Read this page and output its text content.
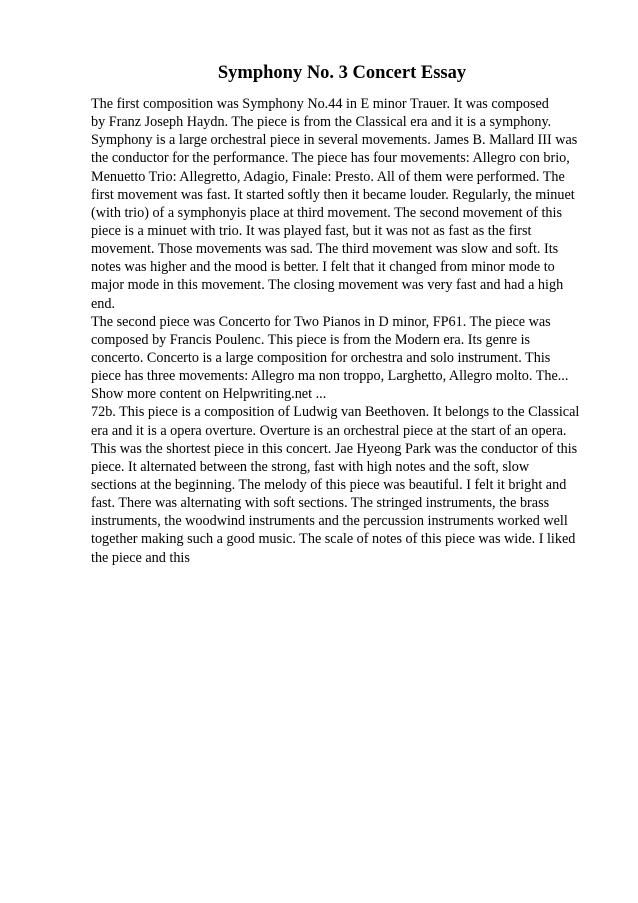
Symphony No. 3 Concert Essay
The first composition was Symphony No.44 in E minor Trauer. It was composed
by Franz Joseph Haydn. The piece is from the Classical era and it is a symphony.
Symphony is a large orchestral piece in several movements. James B. Mallard III was
the conductor for the performance. The piece has four movements: Allegro con brio,
Menuetto Trio: Allegretto, Adagio, Finale: Presto. All of them were performed. The
first movement was fast. It started softly then it became louder. Regularly, the minuet
(with trio) of a symphonyis place at third movement. The second movement of this
piece is a minuet with trio. It was played fast, but it was not as fast as the first
movement. Those movements was sad. The third movement was slow and soft. Its
notes was higher and the mood is better. I felt that it changed from minor mode to
major mode in this movement. The closing movement was very fast and had a high
end.
The second piece was Concerto for Two Pianos in D minor, FP61. The piece was
composed by Francis Poulenc. This piece is from the Modern era. Its genre is
concerto. Concerto is a large composition for orchestra and solo instrument. This
piece has three movements: Allegro ma non troppo, Larghetto, Allegro molto. The...
Show more content on Helpwriting.net ...
72b. This piece is a composition of Ludwig van Beethoven. It belongs to the Classical
era and it is a opera overture. Overture is an orchestral piece at the start of an opera.
This was the shortest piece in this concert. Jae Hyeong Park was the conductor of this
piece. It alternated between the strong, fast with high notes and the soft, slow
sections at the beginning. The melody of this piece was beautiful. I felt it bright and
fast. There was alternating with soft sections. The stringed instruments, the brass
instruments, the woodwind instruments and the percussion instruments worked well
together making such a good music. The scale of notes of this piece was wide. I liked
the piece and this
